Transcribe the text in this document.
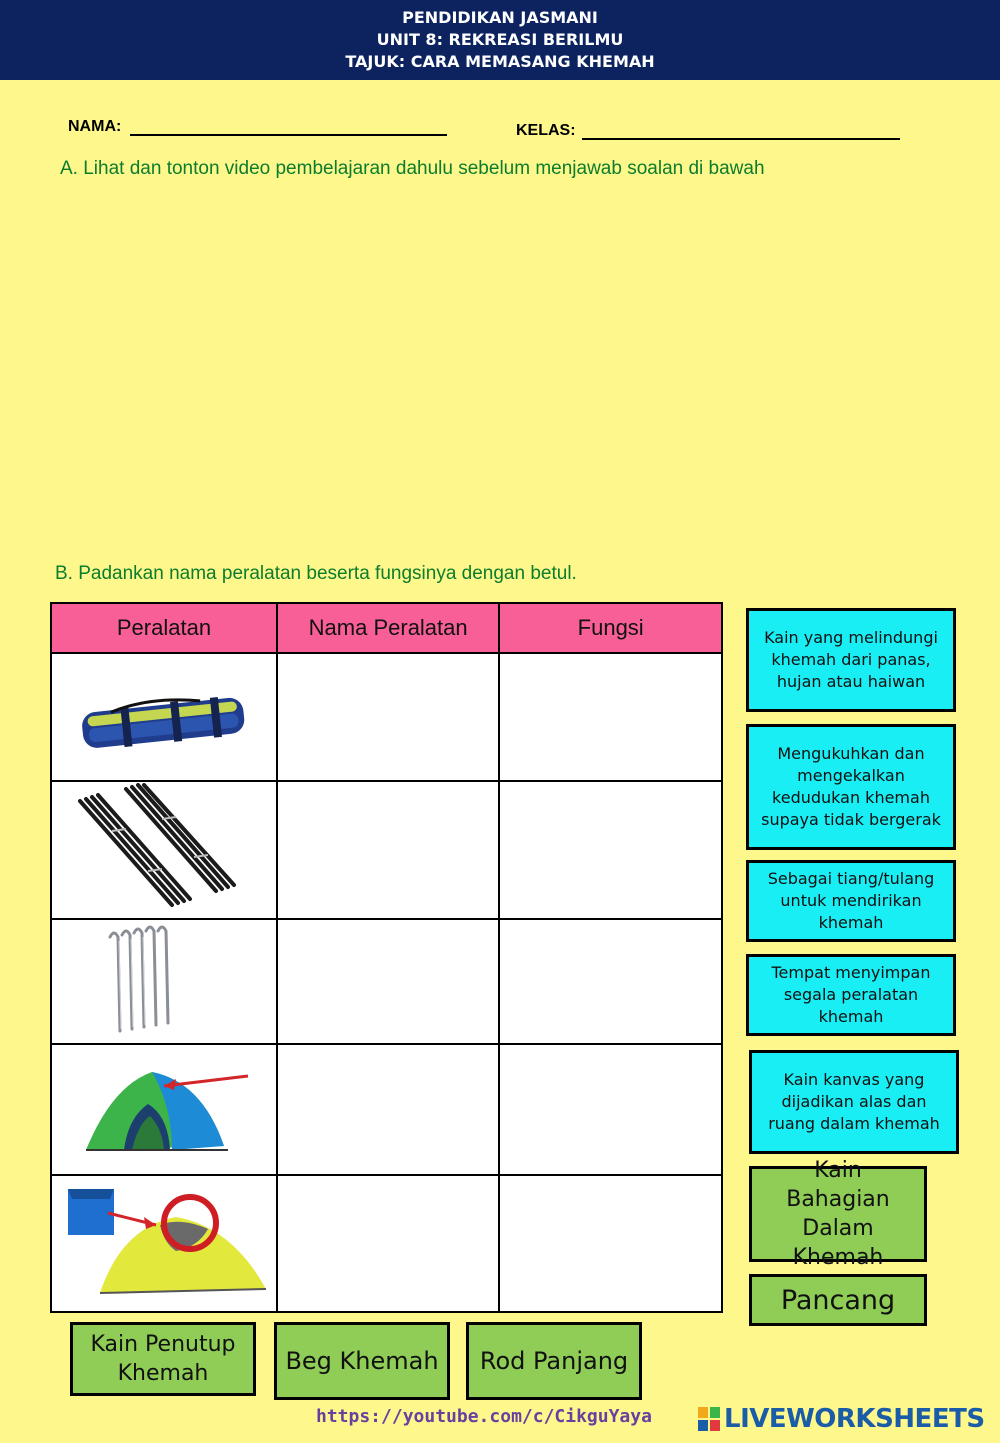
PENDIDIKAN JASMANI
UNIT 8: REKREASI BERILMU
TAJUK: CARA MEMASANG KHEMAH
NAMA:	KELAS:
A. Lihat dan tonton video pembelajaran dahulu sebelum menjawab soalan di bawah
B. Padankan nama peralatan beserta fungsinya dengan betul.
Peralatan	Nama Peralatan	Fungsi

			Kain yang melindungi khemah dari panas, hujan atau haiwan
Mengukuhkan dan mengekalkan kedudukan khemah supaya tidak bergerak
Sebagai tiang/tulang untuk mendirikan khemah
Tempat menyimpan segala peralatan khemah
Kain kanvas yang dijadikan alas dan ruang dalam khemah
Kain Bahagian Dalam Khemah
Pancang
Kain Penutup Khemah	Beg Khemah	Rod Panjang
https://youtube.com/c/CikguYaya	LIVEWORKSHEETS
